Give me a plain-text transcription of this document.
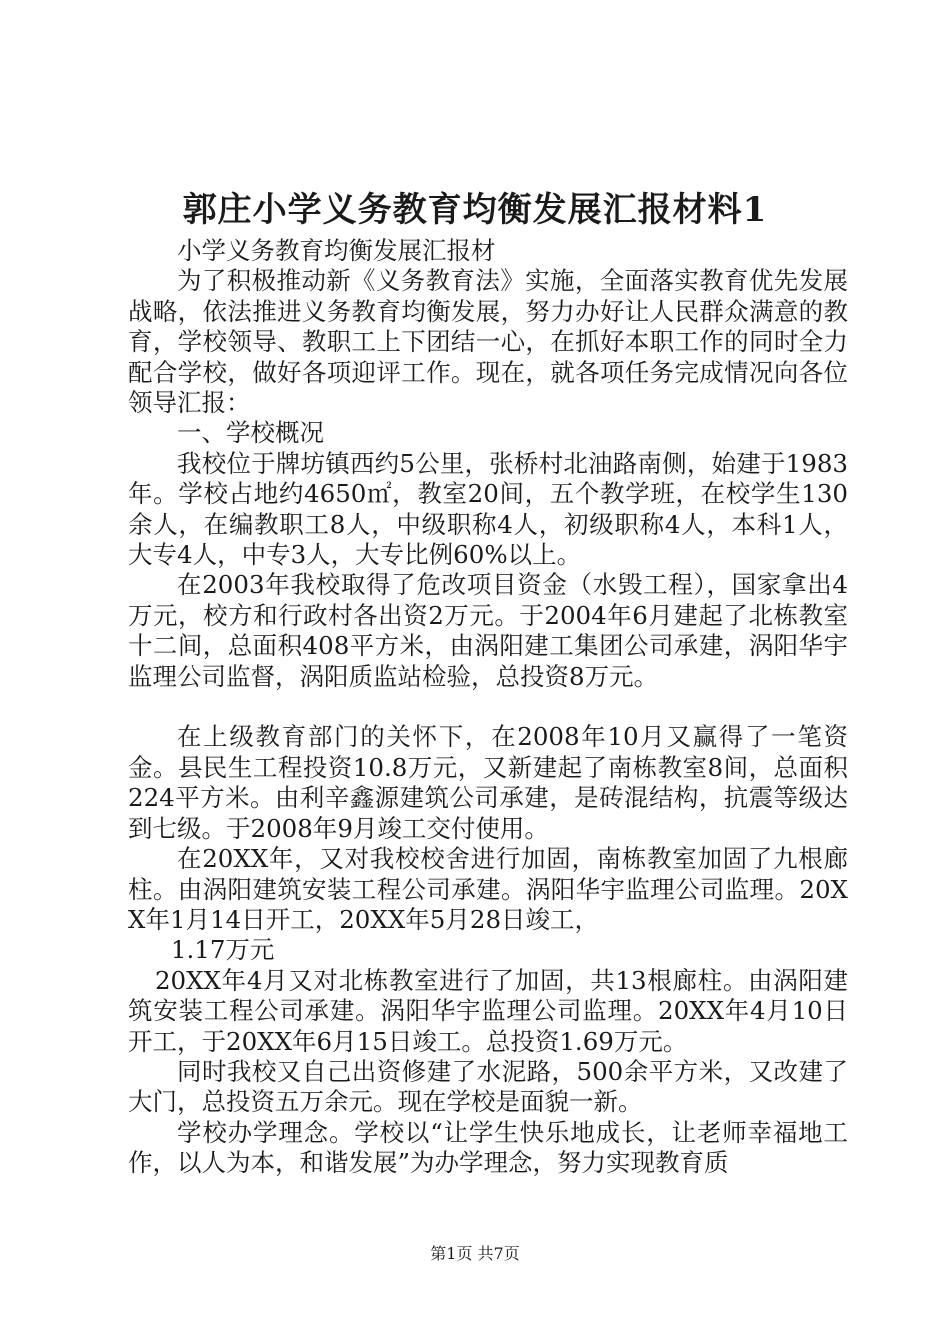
郭庄小学义务教育均衡发展汇报材料1

小学义务教育均衡发展汇报材

为了积极推动新《义务教育法》实施，全面落实教育优先发展战略，依法推进义务教育均衡发展，努力办好让人民群众满意的教育，学校领导、教职工上下团结一心，在抓好本职工作的同时全力配合学校，做好各项迎评工作。现在，就各项任务完成情况向各位领导汇报：

一、学校概况

我校位于牌坊镇西约5公里，张桥村北油路南侧，始建于1983年。学校占地约4650㎡，教室20间，五个教学班，在校学生130余人，在编教职工8人，中级职称4人，初级职称4人，本科1人，大专4人，中专3人，大专比例60%以上。

在2003年我校取得了危改项目资金（水毁工程），国家拿出4万元，校方和行政村各出资2万元。于2004年6月建起了北栋教室十二间，总面积408平方米，由涡阳建工集团公司承建，涡阳华宇监理公司监督，涡阳质监站检验，总投资8万元。

在上级教育部门的关怀下，在2008年10月又赢得了一笔资金。县民生工程投资10.8万元，又新建起了南栋教室8间，总面积224平方米。由利辛鑫源建筑公司承建，是砖混结构，抗震等级达到七级。于2008年9月竣工交付使用。

在20XX年，又对我校校舍进行加固，南栋教室加固了九根廊柱。由涡阳建筑安装工程公司承建。涡阳华宇监理公司监理。20XX年1月14日开工，20XX年5月28日竣工，

1.17万元

20XX年4月又对北栋教室进行了加固，共13根廊柱。由涡阳建筑安装工程公司承建。涡阳华宇监理公司监理。20XX年4月10日开工，于20XX年6月15日竣工。总投资1.69万元。

同时我校又自己出资修建了水泥路，500余平方米，又改建了大门，总投资五万余元。现在学校是面貌一新。

学校办学理念。学校以“让学生快乐地成长，让老师幸福地工作，以人为本，和谐发展”为办学理念，努力实现教育质

第1页 共7页
